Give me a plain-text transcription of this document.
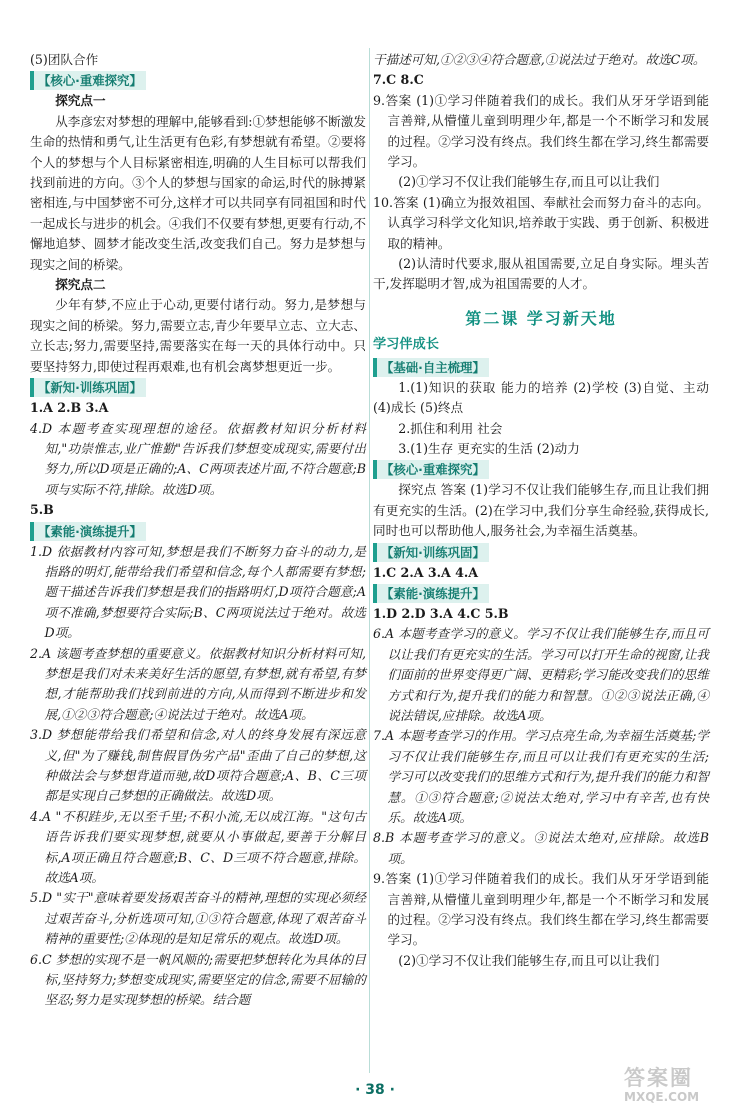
(5)团队合作

【核心·重难探究】

探究点一

从李彦宏对梦想的理解中,能够看到:①梦想能够不断激发生命的热情和勇气,让生活更有色彩,有梦想就有希望。②要将个人的梦想与个人目标紧密相连,明确的人生目标可以帮我们找到前进的方向。③个人的梦想与国家的命运,时代的脉搏紧密相连,与中国梦密不可分,这样才可以共同享有同祖国和时代一起成长与进步的机会。④我们不仅要有梦想,更要有行动,不懈地追梦、圆梦才能改变生活,改变我们自己。努力是梦想与现实之间的桥梁。

探究点二

少年有梦,不应止于心动,更要付诸行动。努力,是梦想与现实之间的桥梁。努力,需要立志,青少年要早立志、立大志、立长志;努力,需要坚持,需要落实在每一天的具体行动中。只要坚持努力,即使过程再艰难,也有机会离梦想更近一步。

【新知·训练巩固】

1.A 2.B 3.A

4.D 本题考查实现理想的途径。依据教材知识分析材料知,"功崇惟志,业广惟勤"告诉我们梦想变成现实,需要付出努力,所以D项是正确的;A、C两项表述片面,不符合题意;B项与实际不符,排除。故选D项。

5.B

【素能·演练提升】

1.D 依据教材内容可知,梦想是我们不断努力奋斗的动力,是指路的明灯,能带给我们希望和信念,每个人都需要有梦想;题干描述告诉我们梦想是我们的指路明灯,D项符合题意;A项不准确,梦想要符合实际;B、C两项说法过于绝对。故选D项。

2.A 该题考查梦想的重要意义。依据教材知识分析材料可知,梦想是我们对未来美好生活的愿望,有梦想,就有希望,有梦想,才能帮助我们找到前进的方向,从而得到不断进步和发展,①②③符合题意;④说法过于绝对。故选A项。

3.D 梦想能带给我们希望和信念,对人的终身发展有深远意义,但"为了赚钱,制售假冒伪劣产品"歪曲了自己的梦想,这种做法会与梦想背道而驰,故D项符合题意;A、B、C三项都是实现自己梦想的正确做法。故选D项。

4.A "不积跬步,无以至千里;不积小流,无以成江海。"这句古语告诉我们要实现梦想,就要从小事做起,要善于分解目标,A项正确且符合题意;B、C、D三项不符合题意,排除。故选A项。

5.D "实干"意味着要发扬艰苦奋斗的精神,理想的实现必须经过艰苦奋斗,分析选项可知,①③符合题意,体现了艰苦奋斗精神的重要性;②体现的是知足常乐的观点。故选D项。

6.C 梦想的实现不是一帆风顺的;需要把梦想转化为具体的目标,坚持努力;梦想变成现实,需要坚定的信念,需要不屈输的坚忍;努力是实现梦想的桥梁。结合题

干描述可知,①②③④符合题意,①说法过于绝对。故选C项。

7.C 8.C

9.答案 (1)①学习伴随着我们的成长。我们从牙牙学语到能言善辩,从懵懂儿童到明理少年,都是一个不断学习和发展的过程。②学习没有终点。我们终生都在学习,终生都需要学习。

(2)①学习不仅让我们能够生存,而且可以让我们

10.答案 (1)确立为报效祖国、奉献社会而努力奋斗的志向。认真学习科学文化知识,培养敢于实践、勇于创新、积极进取的精神。

(2)认清时代要求,服从祖国需要,立足自身实际。埋头苦干,发挥聪明才智,成为祖国需要的人才。

第二课 学习新天地
学习伴成长
【基础·自主梳理】

1.(1)知识的获取 能力的培养 (2)学校 (3)自觉、主动 (4)成长 (5)终点

2.抓住和利用 社会

3.(1)生存 更充实的生活 (2)动力

【核心·重难探究】

探究点 答案 (1)学习不仅让我们能够生存,而且让我们拥有更充实的生活。(2)在学习中,我们分享生命经验,获得成长,同时也可以帮助他人,服务社会,为幸福生活奠基。

【新知·训练巩固】

1.C 2.A 3.A 4.A

【素能·演练提升】

1.D 2.D 3.A 4.C 5.B

6.A 本题考查学习的意义。学习不仅让我们能够生存,而且可以让我们有更充实的生活。学习可以打开生命的视窗,让我们面前的世界变得更广阔、更精彩;学习能改变我们的思维方式和行为,提升我们的能力和智慧。①②③说法正确,④说法错误,应排除。故选A项。

7.A 本题考查学习的作用。学习点亮生命,为幸福生活奠基;学习不仅让我们能够生存,而且可以让我们有更充实的生活;学习可以改变我们的思维方式和行为,提升我们的能力和智慧。①③符合题意;②说法太绝对,学习中有辛苦,也有快乐。故选A项。

8.B 本题考查学习的意义。③说法太绝对,应排除。故选B项。

9.答案 (1)①学习伴随着我们的成长。我们从牙牙学语到能言善辩,从懵懂儿童到明理少年,都是一个不断学习和发展的过程。②学习没有终点。我们终生都在学习,终生都需要学习。

(2)①学习不仅让我们能够生存,而且可以让我们

· 38 ·	答案圈
MXQE.COM
